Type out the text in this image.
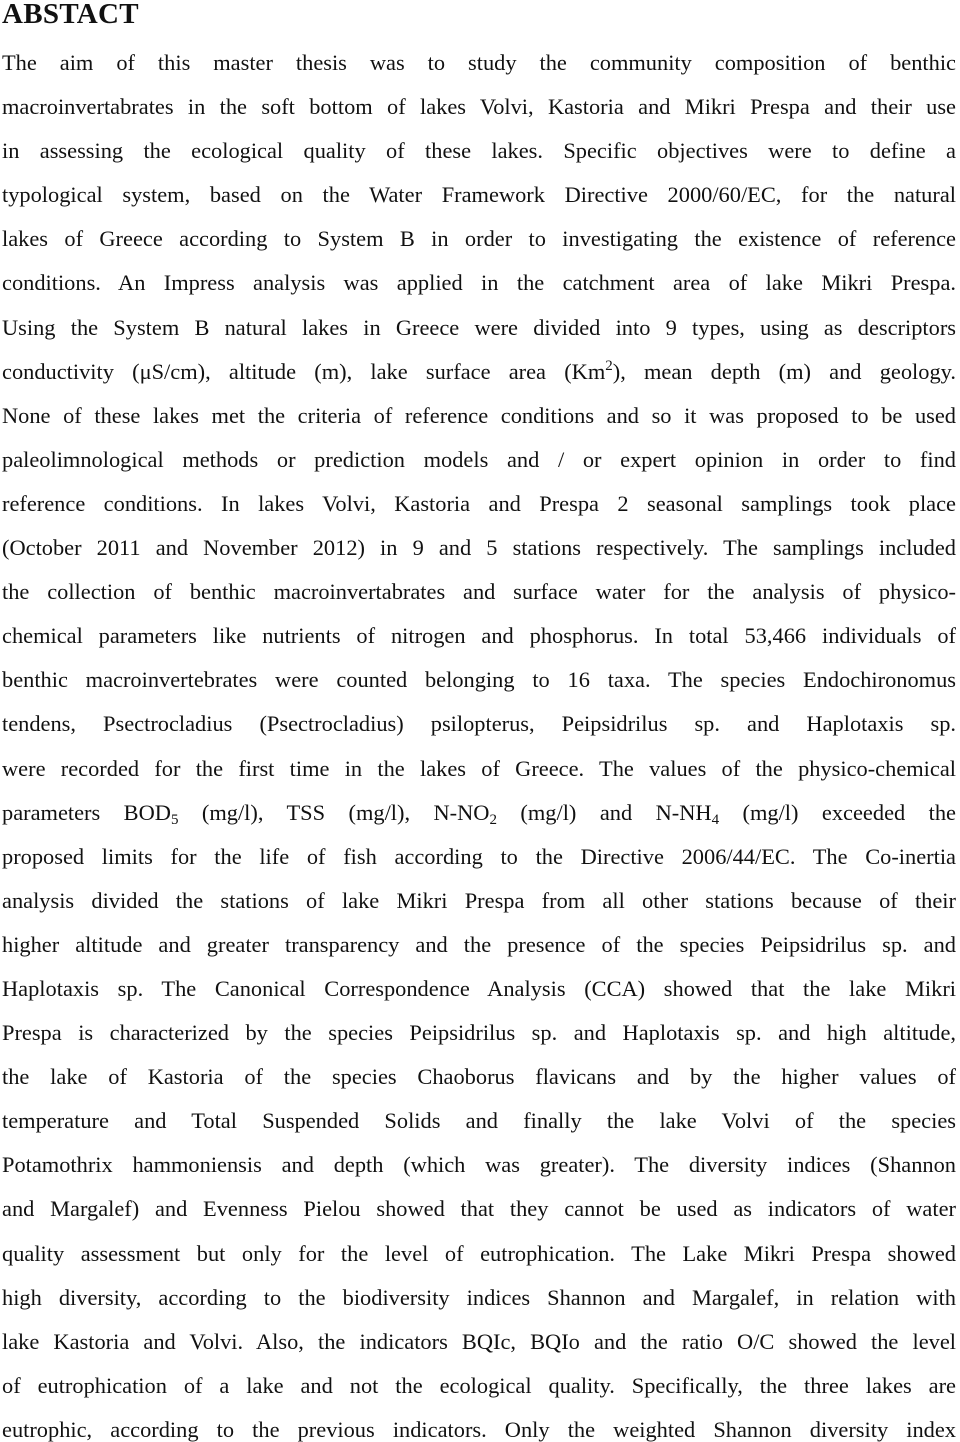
ABSTACT
The aim of this master thesis was to study the community composition of benthic
macroinvertabrates in the soft bottom of lakes Volvi, Kastoria and Mikri Prespa and their use
in assessing the ecological quality of these lakes. Specific objectives were to define a
typological system, based on the Water Framework Directive 2000/60/EC, for the natural
lakes of Greece according to System B in order to investigating the existence of reference
conditions. An Impress analysis was applied in the catchment area of lake Mikri Prespa.
Using the System B natural lakes in Greece were divided into 9 types, using as descriptors
conductivity (μS/cm), altitude (m), lake surface area (Km$^2$), mean depth (m) and geology.
None of these lakes met the criteria of reference conditions and so it was proposed to be used
paleolimnological methods or prediction models and / or expert opinion in order to find
reference conditions. In lakes Volvi, Kastoria and Prespa 2 seasonal samplings took place
(October 2011 and November 2012) in 9 and 5 stations respectively. The samplings included
the collection of benthic macroinvertabrates and surface water for the analysis of physico-
chemical parameters like nutrients of nitrogen and phosphorus. In total 53,466 individuals of
benthic macroinvertebrates were counted belonging to 16 taxa. The species Endochironomus
tendens, Psectrocladius (Psectrocladius) psilopterus, Peipsidrilus sp. and Haplotaxis sp.
were recorded for the first time in the lakes of Greece. The values of the physico-chemical
parameters $BOD_5$ (mg/l), TSS (mg/l), $N-NO_2$ (mg/l) and $N-NH_4$ (mg/l) exceeded the
proposed limits for the life of fish according to the Directive 2006/44/EC. The Co-inertia
analysis divided the stations of lake Mikri Prespa from all other stations because of their
higher altitude and greater transparency and the presence of the species Peipsidrilus sp. and
Haplotaxis sp. The Canonical Correspondence Analysis (CCA) showed that the lake Mikri
Prespa is characterized by the species Peipsidrilus sp. and Haplotaxis sp. and high altitude,
the lake of Kastoria of the species Chaoborus flavicans and by the higher values of
temperature and Total Suspended Solids and finally the lake Volvi of the species
Potamothrix hammoniensis and depth (which was greater). The diversity indices (Shannon
and Margalef) and Evenness Pielou showed that they cannot be used as indicators of water
quality assessment but only for the level of eutrophication. The Lake Mikri Prespa showed
high diversity, according to the biodiversity indices Shannon and Margalef, in relation with
lake Kastoria and Volvi. Also, the indicators BQIc, BQIo and the ratio O/C showed the level
of eutrophication of a lake and not the ecological quality. Specifically, the three lakes are
eutrophic, according to the previous indicators. Only the weighted Shannon diversity index
